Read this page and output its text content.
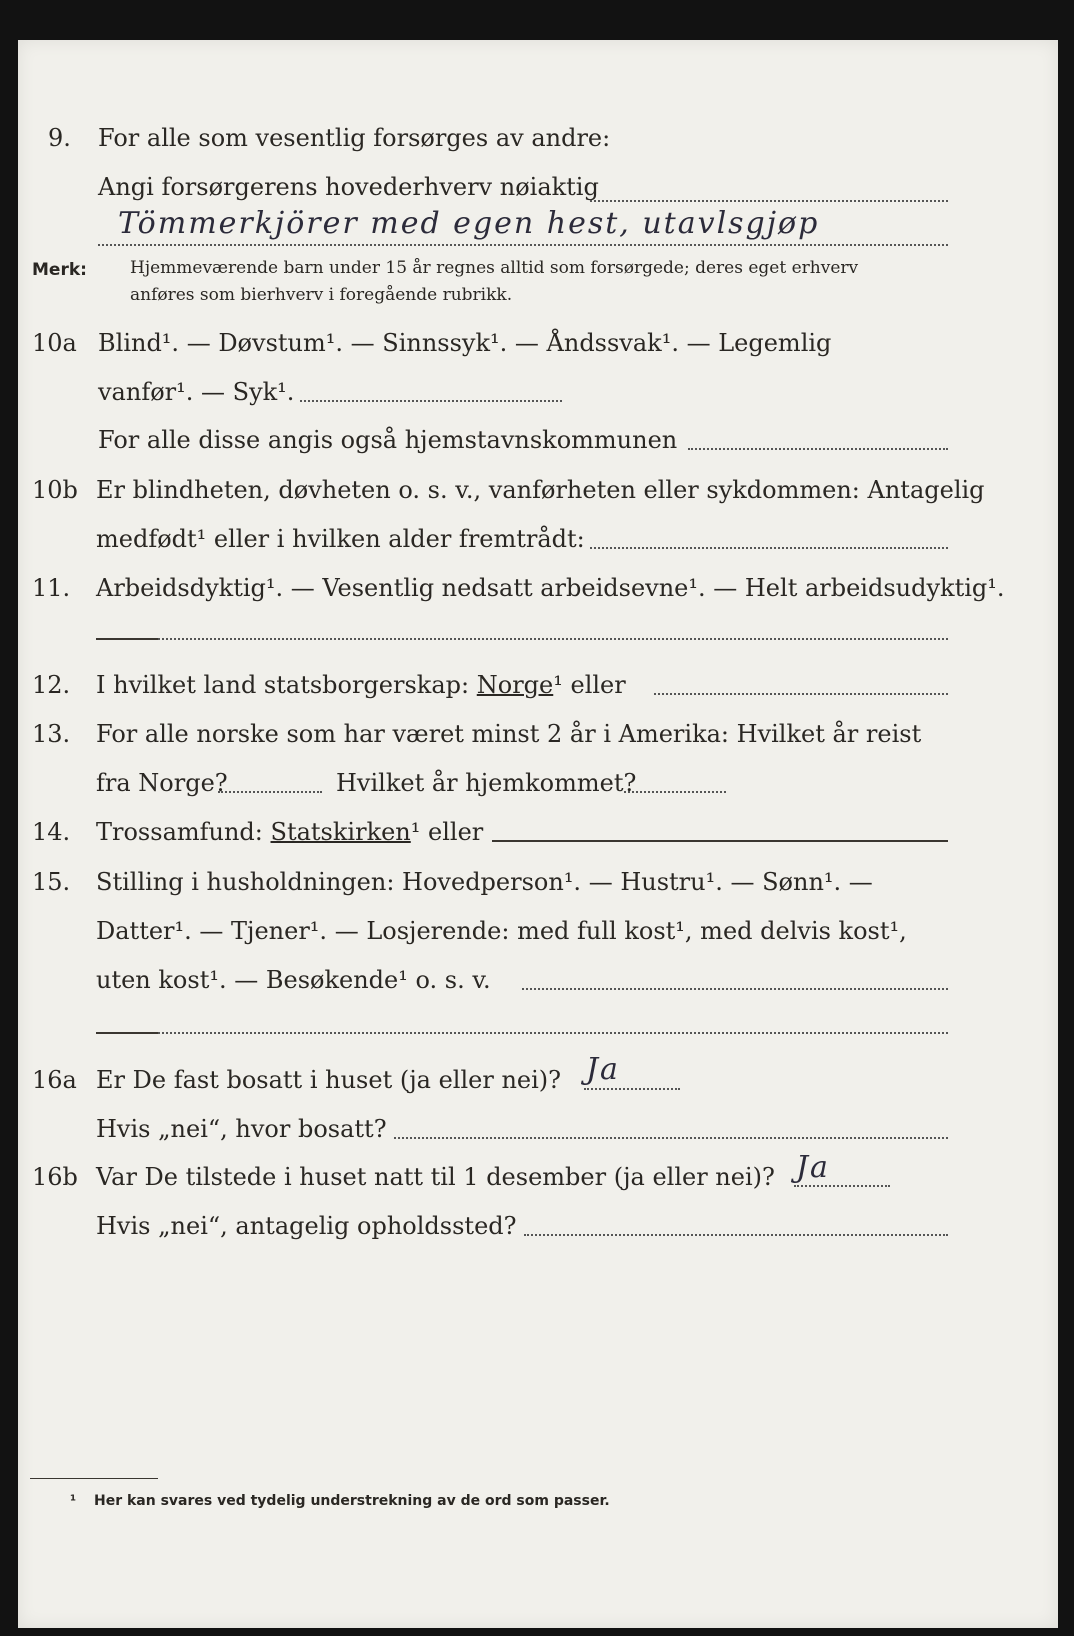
9. For alle som vesentlig forsørges av andre:
Angi forsørgerens hovederhverv nøiaktig
Tömmerkjörer med egen hest, utavlsgjøp
Merk:	Hjemmeværende barn under 15 år regnes alltid som forsørgede; deres eget erhverv
anføres som bierhverv i foregående rubrikk.
10a Blind¹. — Døvstum¹. — Sinnssyk¹. — Åndssvak¹. — Legemlig
vanfør¹. — Syk¹.
For alle disse angis også hjemstavnskommunen
10b Er blindheten, døvheten o. s. v., vanførheten eller sykdommen: Antagelig
medfødt¹ eller i hvilken alder fremtrådt:
11. Arbeidsdyktig¹. — Vesentlig nedsatt arbeidsevne¹. — Helt arbeidsudyktig¹.
12. I hvilket land statsborgerskap: Norge¹ eller
13. For alle norske som har været minst 2 år i Amerika: Hvilket år reist
fra Norge?	Hvilket år hjemkommet?
14. Trossamfund: Statskirken¹ eller
15. Stilling i husholdningen: Hovedperson¹. — Hustru¹. — Sønn¹. —
Datter¹. — Tjener¹. — Losjerende: med full kost¹, med delvis kost¹,
uten kost¹. — Besøkende¹ o. s. v.
16a Er De fast bosatt i huset (ja eller nei)? Ja
Hvis „nei“, hvor bosatt?
16b Var De tilstede i huset natt til 1 desember (ja eller nei)? Ja
Hvis „nei“, antagelig opholdssted?
¹ Her kan svares ved tydelig understrekning av de ord som passer.
